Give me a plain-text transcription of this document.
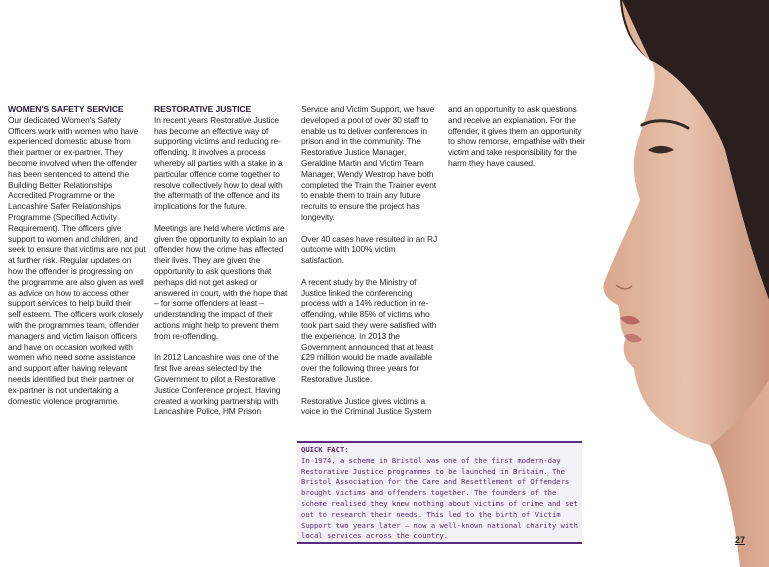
WOMEN'S SAFETY SERVICE

Our dedicated Women's Safety Officers work with women who have experienced domestic abuse from their partner or ex-partner. They become involved when the offender has been sentenced to attend the Building Better Relationships Accredited Programme or the Lancashire Safer Relationships Programme (Specified Activity Requirement). The officers give support to women and children, and seek to ensure that victims are not put at further risk. Regular updates on how the offender is progressing on the programme are also given as well as advice on how to access other support services to help build their self esteem. The officers work closely with the programmes team, offender managers and victim liaison officers and have on occasion worked with women who need some assistance and support after having relevant needs identified but their partner or ex-partner is not undertaking a domestic violence programme.

RESTORATIVE JUSTICE

In recent years Restorative Justice has become an effective way of supporting victims and reducing re-offending. It involves a process whereby all parties with a stake in a particular offence come together to resolve collectively how to deal with the aftermath of the offence and its implications for the future.

Meetings are held where victims are given the opportunity to explain to an offender how the crime has affected their lives. They are given the opportunity to ask questions that perhaps did not get asked or answered in court, with the hope that – for some offenders at least – understanding the impact of their actions might help to prevent them from re-offending.

In 2012 Lancashire was one of the first five areas selected by the Government to pilot a Restorative Justice Conference project. Having created a working partnership with Lancashire Police, HM Prison

Service and Victim Support, we have developed a pool of over 30 staff to enable us to deliver conferences in prison and in the community. The Restorative Justice Manager, Geraldine Martin and Victim Team Manager, Wendy Westrop have both completed the Train the Trainer event to enable them to train any future recruits to ensure the project has longevity.

Over 40 cases have resulted in an RJ outcome with 100% victim satisfaction.

A recent study by the Ministry of Justice linked the conferencing process with a 14% reduction in re-offending, while 85% of victims who took part said they were satisfied with the experience. In 2013 the Government announced that at least £29 million would be made available over the following three years for Restorative Justice.

Restorative Justice gives victims a voice in the Criminal Justice System

and an opportunity to ask questions and receive an explanation. For the offender, it gives them an opportunity to show remorse, empathise with their victim and take responsibility for the harm they have caused.

QUICK FACT:
In 1974, a scheme in Bristol was one of the first modern-day Restorative Justice programmes to be launched in Britain. The Bristol Association for the Care and Resettlement of Offenders brought victims and offenders together. The founders of the scheme realised they knew nothing about victims of crime and set out to research their needs. This led to the birth of Victim Support two years later – now a well-known national charity with local services across the country.	27
